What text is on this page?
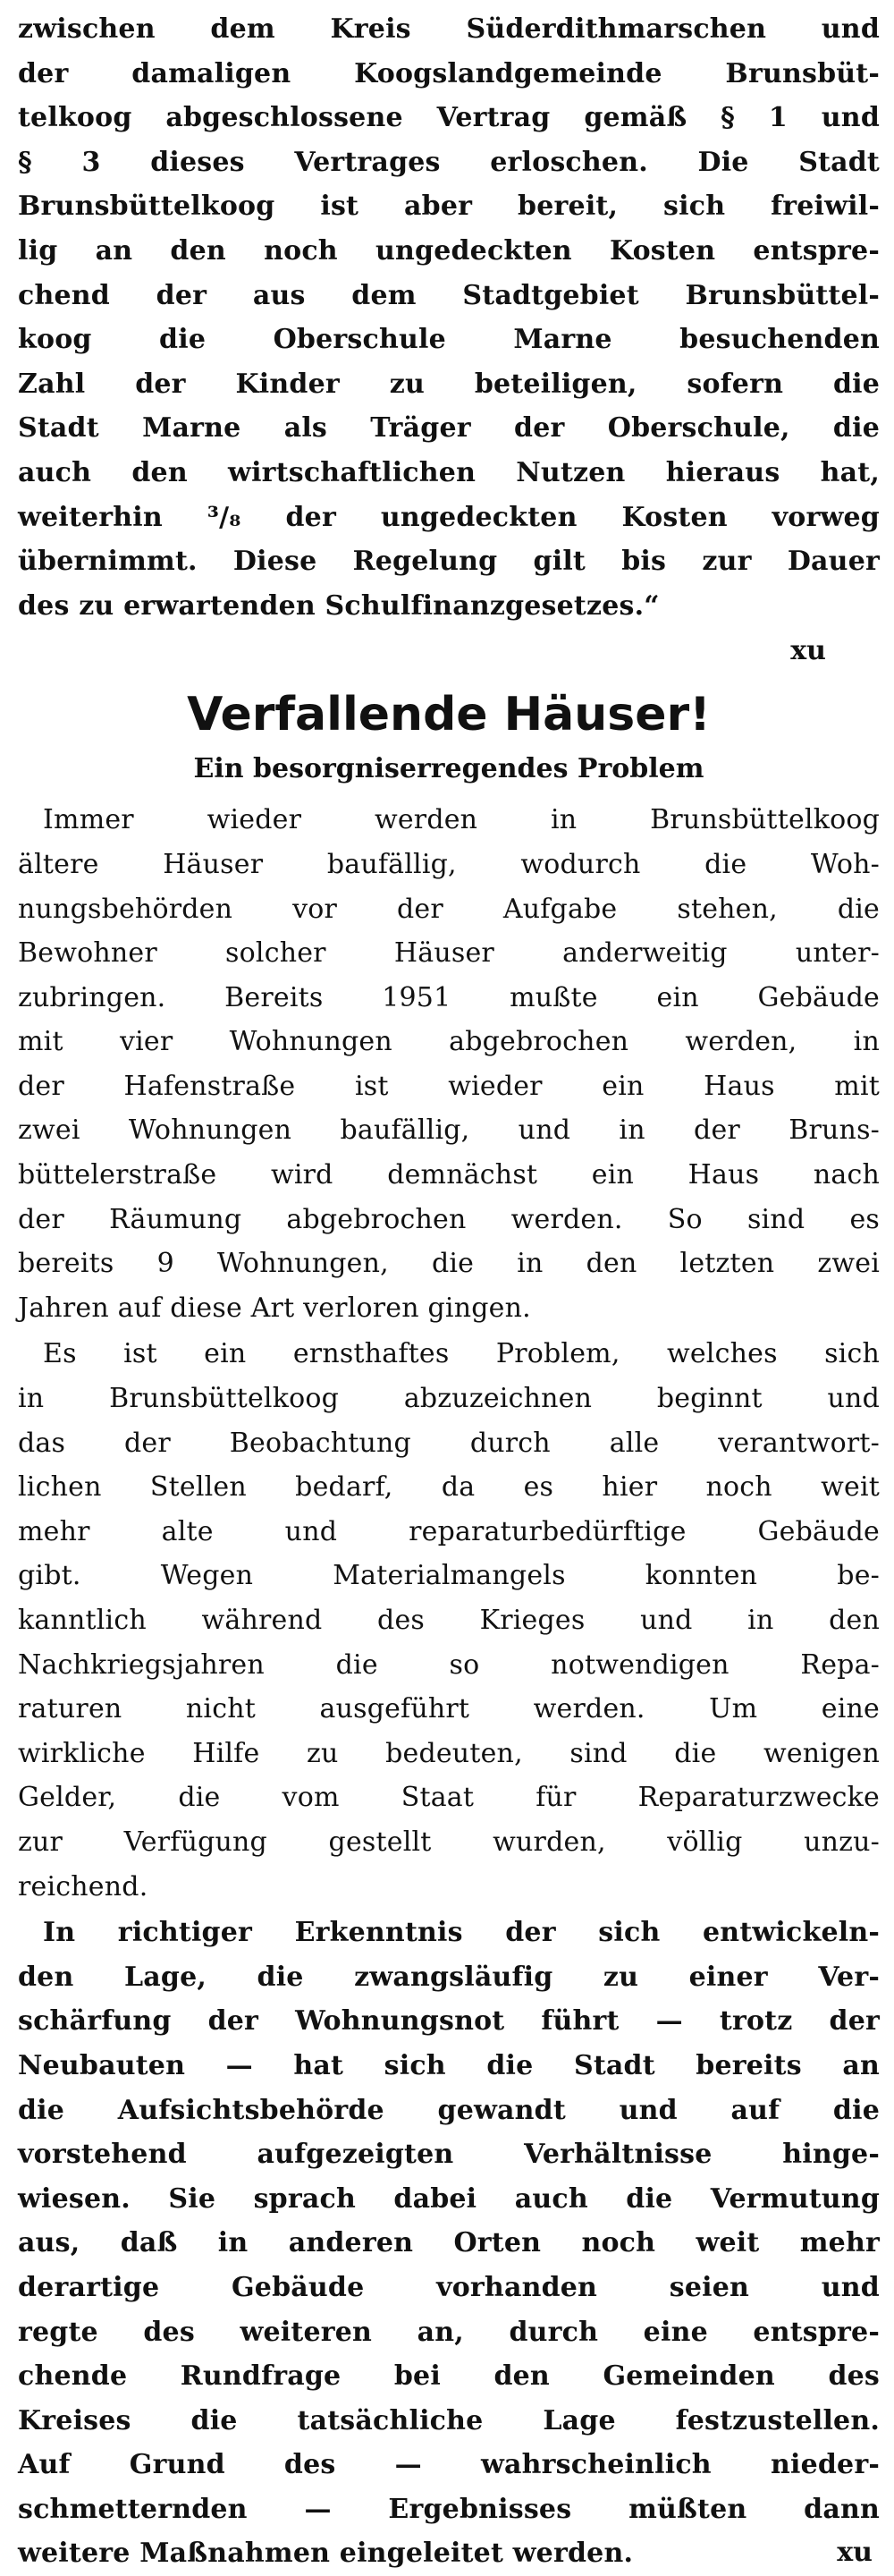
zwischen dem Kreis Süderdithmarschen und
der damaligen Koogslandgemeinde Brunsbüt-
telkoog abgeschlossene Vertrag gemäß § 1 und
§ 3 dieses Vertrages erloschen. Die Stadt
Brunsbüttelkoog ist aber bereit, sich freiwil-
lig an den noch ungedeckten Kosten entspre-
chend der aus dem Stadtgebiet Brunsbüttel-
koog die Oberschule Marne besuchenden
Zahl der Kinder zu beteiligen, sofern die
Stadt Marne als Träger der Oberschule, die
auch den wirtschaftlichen Nutzen hieraus hat,
weiterhin ³/₈ der ungedeckten Kosten vorweg
übernimmt. Diese Regelung gilt bis zur Dauer
des zu erwartenden Schulfinanzgesetzes.“
xu
Verfallende Häuser!
Ein besorgniserregendes Problem
Immer wieder werden in Brunsbüttelkoog
ältere Häuser baufällig, wodurch die Woh-
nungsbehörden vor der Aufgabe stehen, die
Bewohner solcher Häuser anderweitig unter-
zubringen. Bereits 1951 mußte ein Gebäude
mit vier Wohnungen abgebrochen werden, in
der Hafenstraße ist wieder ein Haus mit
zwei Wohnungen baufällig, und in der Bruns-
büttelerstraße wird demnächst ein Haus nach
der Räumung abgebrochen werden. So sind es
bereits 9 Wohnungen, die in den letzten zwei
Jahren auf diese Art verloren gingen.
Es ist ein ernsthaftes Problem, welches sich
in Brunsbüttelkoog abzuzeichnen beginnt und
das der Beobachtung durch alle verantwort-
lichen Stellen bedarf, da es hier noch weit
mehr alte und reparaturbedürftige Gebäude
gibt. Wegen Materialmangels konnten be-
kanntlich während des Krieges und in den
Nachkriegsjahren die so notwendigen Repa-
raturen nicht ausgeführt werden. Um eine
wirkliche Hilfe zu bedeuten, sind die wenigen
Gelder, die vom Staat für Reparaturzwecke
zur Verfügung gestellt wurden, völlig unzu-
reichend.
In richtiger Erkenntnis der sich entwickeln-
den Lage, die zwangsläufig zu einer Ver-
schärfung der Wohnungsnot führt — trotz der
Neubauten — hat sich die Stadt bereits an
die Aufsichtsbehörde gewandt und auf die
vorstehend aufgezeigten Verhältnisse hinge-
wiesen. Sie sprach dabei auch die Vermutung
aus, daß in anderen Orten noch weit mehr
derartige Gebäude vorhanden seien und
regte des weiteren an, durch eine entspre-
chende Rundfrage bei den Gemeinden des
Kreises die tatsächliche Lage festzustellen.
Auf Grund des — wahrscheinlich nieder-
schmetternden — Ergebnisses müßten dann
weitere Maßnahmen eingeleitet werden.	xu
